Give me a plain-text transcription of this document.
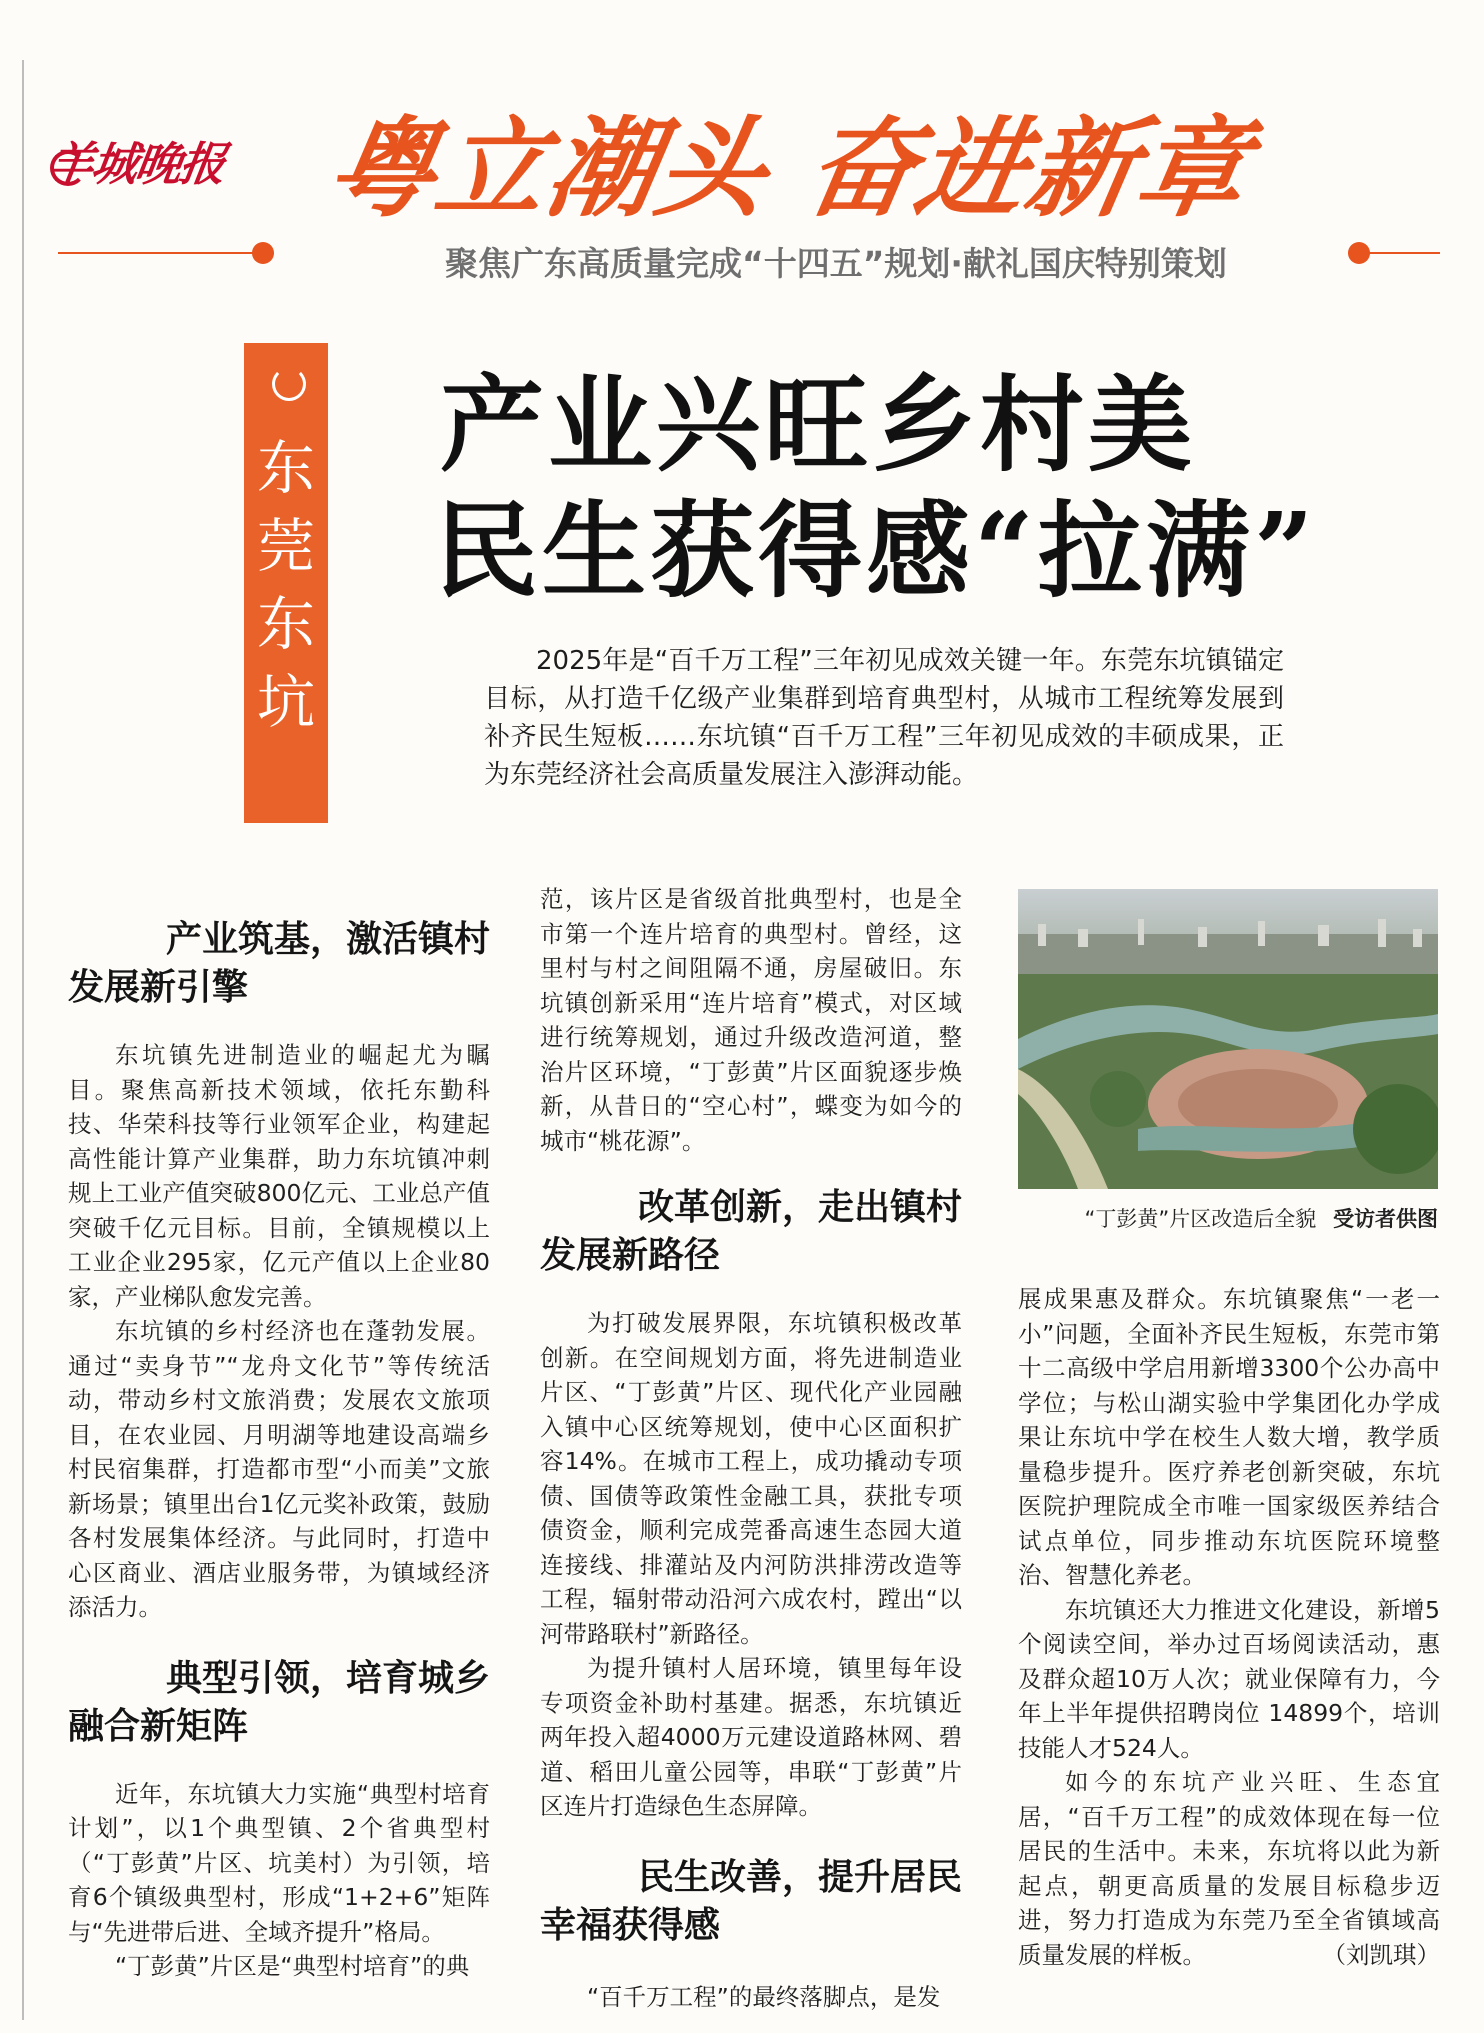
羊城晚报 粤立潮头 奋进新章
聚焦广东高质量完成“十四五”规划·献礼国庆特别策划
东
莞
东
坑
产业兴旺乡村美
民生获得感“拉满”
2025年是“百千万工程”三年初见成效关键一年。东莞东坑镇锚定目标，从打造千亿级产业集群到培育典型村，从城市工程统筹发展到补齐民生短板……东坑镇“百千万工程”三年初见成效的丰硕成果，正为东莞经济社会高质量发展注入澎湃动能。
产业筑基，激活镇村
发展新引擎

东坑镇先进制造业的崛起尤为瞩目。聚焦高新技术领域，依托东勤科技、华荣科技等行业领军企业，构建起高性能计算产业集群，助力东坑镇冲刺规上工业产值突破800亿元、工业总产值突破千亿元目标。目前，全镇规模以上工业企业295家，亿元产值以上企业80家，产业梯队愈发完善。

东坑镇的乡村经济也在蓬勃发展。通过“卖身节”“龙舟文化节”等传统活动，带动乡村文旅消费；发展农文旅项目，在农业园、月明湖等地建设高端乡村民宿集群，打造都市型“小而美”文旅新场景；镇里出台1亿元奖补政策，鼓励各村发展集体经济。与此同时，打造中心区商业、酒店业服务带，为镇域经济添活力。

典型引领，培育城乡
融合新矩阵

近年，东坑镇大力实施“典型村培育计划”，以1个典型镇、2个省典型村（“丁彭黄”片区、坑美村）为引领，培育6个镇级典型村，形成“1+2+6”矩阵与“先进带后进、全域齐提升”格局。

“丁彭黄”片区是“典型村培育”的典

范，该片区是省级首批典型村，也是全市第一个连片培育的典型村。曾经，这里村与村之间阻隔不通，房屋破旧。东坑镇创新采用“连片培育”模式，对区域进行统筹规划，通过升级改造河道，整治片区环境，“丁彭黄”片区面貌逐步焕新，从昔日的“空心村”，蝶变为如今的城市“桃花源”。

改革创新，走出镇村
发展新路径

为打破发展界限，东坑镇积极改革创新。在空间规划方面，将先进制造业片区、“丁彭黄”片区、现代化产业园融入镇中心区统筹规划，使中心区面积扩容14%。在城市工程上，成功撬动专项债、国债等政策性金融工具，获批专项债资金，顺利完成莞番高速生态园大道连接线、排灌站及内河防洪排涝改造等工程，辐射带动沿河六成农村，蹚出“以河带路联村”新路径。

为提升镇村人居环境，镇里每年设专项资金补助村基建。据悉，东坑镇近两年投入超4000万元建设道路林网、碧道、稻田儿童公园等，串联“丁彭黄”片区连片打造绿色生态屏障。

民生改善，提升居民
幸福获得感

“百千万工程”的最终落脚点，是发

“丁彭黄”片区改造后全貌 受访者供图

展成果惠及群众。东坑镇聚焦“一老一小”问题，全面补齐民生短板，东莞市第十二高级中学启用新增3300个公办高中学位；与松山湖实验中学集团化办学成果让东坑中学在校生人数大增，教学质量稳步提升。医疗养老创新突破，东坑医院护理院成全市唯一国家级医养结合试点单位，同步推动东坑医院环境整治、智慧化养老。

东坑镇还大力推进文化建设，新增5个阅读空间，举办过百场阅读活动，惠及群众超10万人次；就业保障有力，今年上半年提供招聘岗位 14899个，培训技能人才524人。

如今的东坑产业兴旺、生态宜居，“百千万工程”的成效体现在每一位居民的生活中。未来，东坑将以此为新起点，朝更高质量的发展目标稳步迈进，努力打造成为东莞乃至全省镇域高质量发展的样板。	（刘凯琪）
